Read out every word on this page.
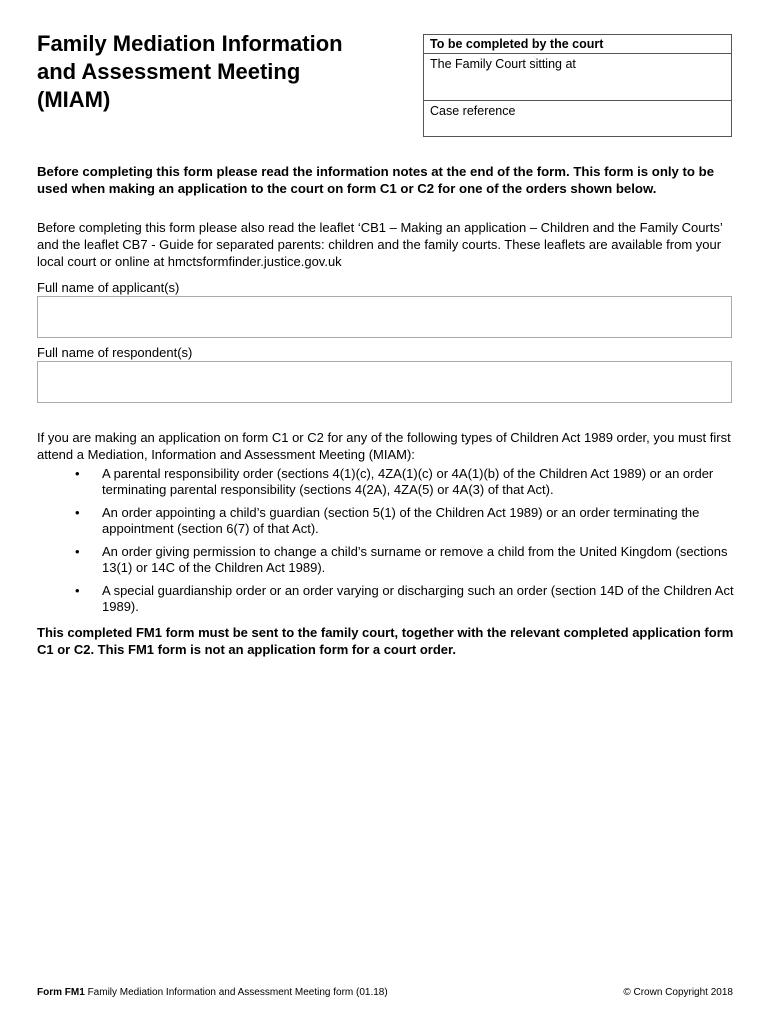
Family Mediation Information
and Assessment Meeting
(MIAM)
To be completed by the court
The Family Court sitting at
Case reference

Before completing this form please read the information notes at the end of the form. This form is only to be used when making an application to the court on form C1 or C2 for one of the orders shown below.

Before completing this form please also read the leaflet ‘CB1 – Making an application – Children and the Family Courts’ and the leaflet CB7 - Guide for separated parents: children and the family courts. These leaflets are available from your local court or online at hmctsformfinder.justice.gov.uk

Full name of applicant(s)

Full name of respondent(s)

If you are making an application on form C1 or C2 for any of the following types of Children Act 1989 order, you must first attend a Mediation, Information and Assessment Meeting (MIAM):

• A parental responsibility order (sections 4(1)(c), 4ZA(1)(c) or 4A(1)(b) of the Children Act 1989) or an order terminating parental responsibility (sections 4(2A), 4ZA(5) or 4A(3) of that Act).
• An order appointing a child’s guardian (section 5(1) of the Children Act 1989) or an order terminating the appointment (section 6(7) of that Act).
• An order giving permission to change a child’s surname or remove a child from the United Kingdom (sections 13(1) or 14C of the Children Act 1989).
• A special guardianship order or an order varying or discharging such an order (section 14D of the Children Act 1989).

This completed FM1 form must be sent to the family court, together with the relevant completed application form C1 or C2. This FM1 form is not an application form for a court order.

Form FM1 Family Mediation Information and Assessment Meeting form (01.18)	© Crown Copyright 2018
